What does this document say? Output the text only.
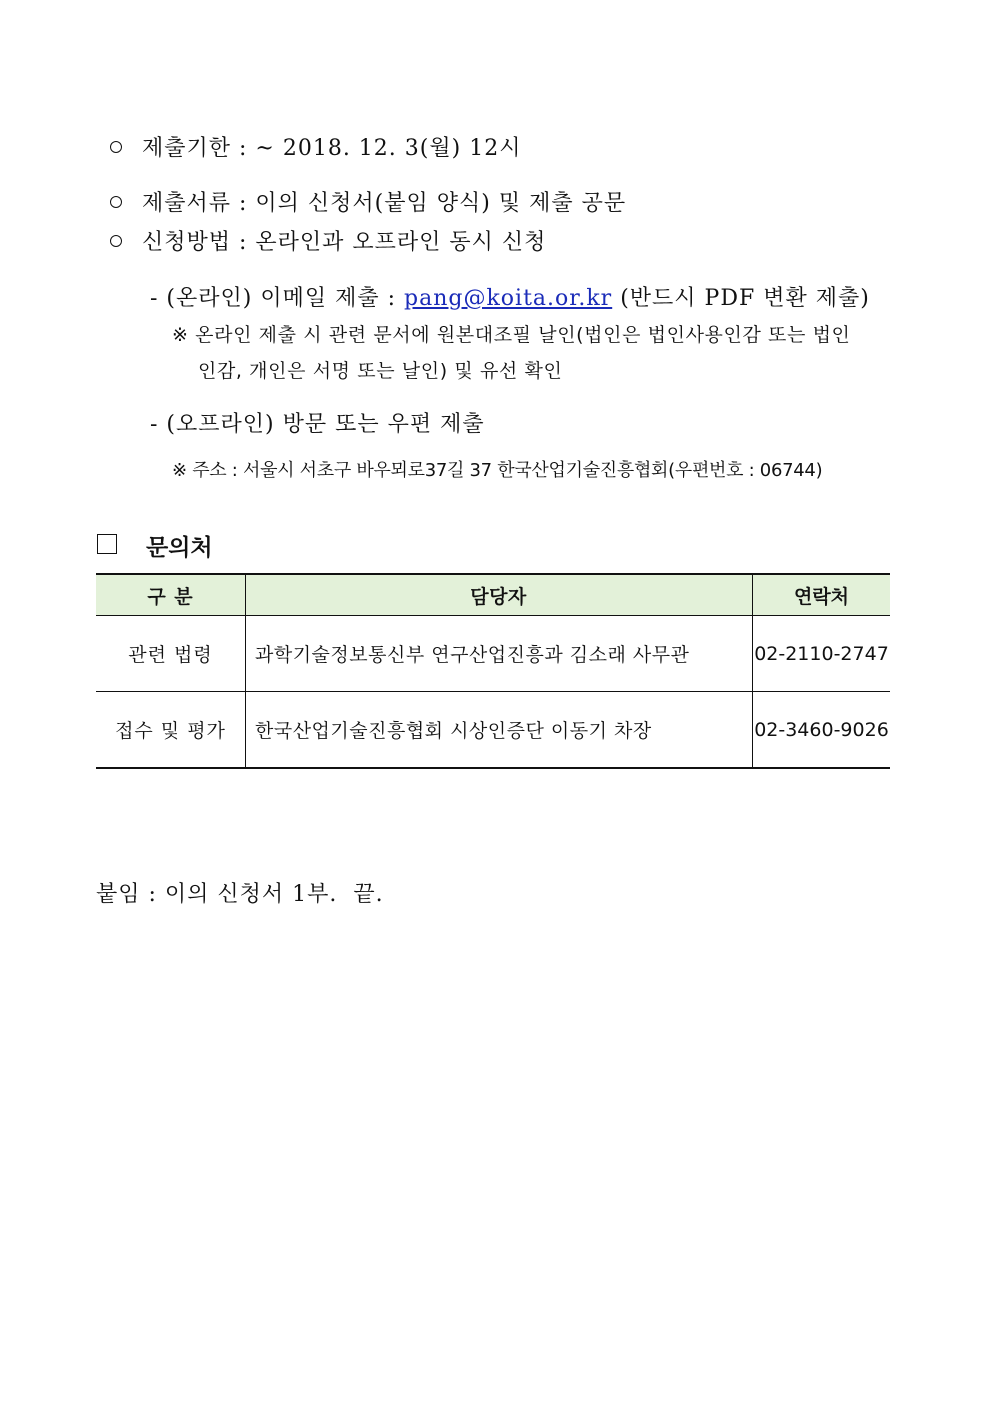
제출기한 : ~ 2018. 12. 3(월) 12시
제출서류 : 이의 신청서(붙임 양식) 및 제출 공문
신청방법 : 온라인과 오프라인 동시 신청
- (온라인) 이메일 제출 : pang@koita.or.kr (반드시 PDF 변환 제출)
※ 온라인 제출 시 관련 문서에 원본대조필 날인(법인은 법인사용인감 또는 법인
인감, 개인은 서명 또는 날인) 및 유선 확인
- (오프라인) 방문 또는 우편 제출
※ 주소 : 서울시 서초구 바우뫼로37길 37 한국산업기술진흥협회(우편번호 : 06744)
문의처
구 분	담당자	연락처
관련 법령	과학기술정보통신부 연구산업진흥과 김소래 사무관	02-2110-2747
접수 및 평가	한국산업기술진흥협회 시상인증단 이동기 차장	02-3460-9026
붙임 : 이의 신청서 1부.  끝.
